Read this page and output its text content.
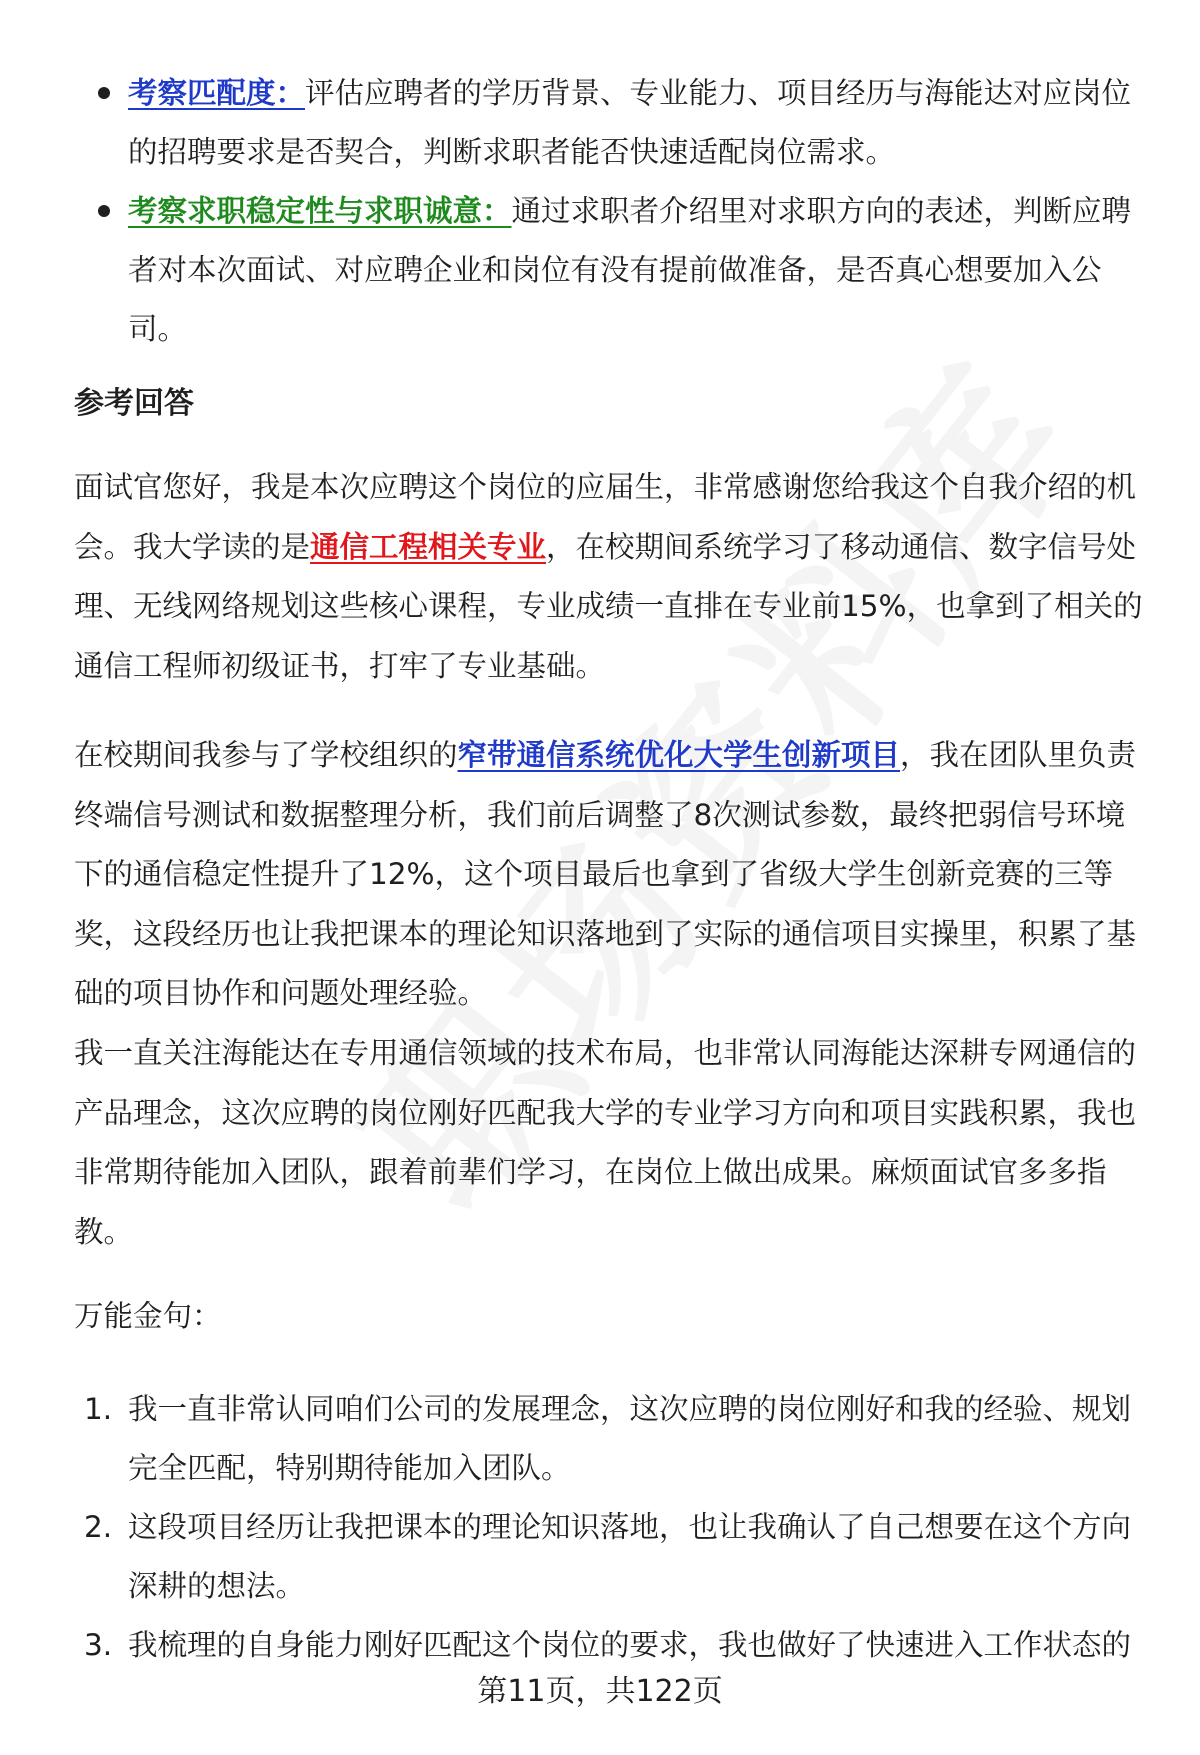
考察匹配度：评估应聘者的学历背景、专业能力、项目经历与海能达对应岗位的招聘要求是否契合，判断求职者能否快速适配岗位需求。
考察求职稳定性与求职诚意：通过求职者介绍里对求职方向的表述，判断应聘者对本次面试、对应聘企业和岗位有没有提前做准备，是否真心想要加入公司。
参考回答

面试官您好，我是本次应聘这个岗位的应届生，非常感谢您给我这个自我介绍的机会。我大学读的是通信工程相关专业，在校期间系统学习了移动通信、数字信号处理、无线网络规划这些核心课程，专业成绩一直排在专业前15%，也拿到了相关的通信工程师初级证书，打牢了专业基础。

在校期间我参与了学校组织的窄带通信系统优化大学生创新项目，我在团队里负责终端信号测试和数据整理分析，我们前后调整了8次测试参数，最终把弱信号环境下的通信稳定性提升了12%，这个项目最后也拿到了省级大学生创新竞赛的三等奖，这段经历也让我把课本的理论知识落地到了实际的通信项目实操里，积累了基础的项目协作和问题处理经验。

我一直关注海能达在专用通信领域的技术布局，也非常认同海能达深耕专网通信的产品理念，这次应聘的岗位刚好匹配我大学的专业学习方向和项目实践积累，我也非常期待能加入团队，跟着前辈们学习，在岗位上做出成果。麻烦面试官多多指教。

万能金句：

1. 我一直非常认同咱们公司的发展理念，这次应聘的岗位刚好和我的经验、规划完全匹配，特别期待能加入团队。
2. 这段项目经历让我把课本的理论知识落地，也让我确认了自己想要在这个方向深耕的想法。
3. 我梳理的自身能力刚好匹配这个岗位的要求，我也做好了快速进入工作状态的
第11页，共122页
